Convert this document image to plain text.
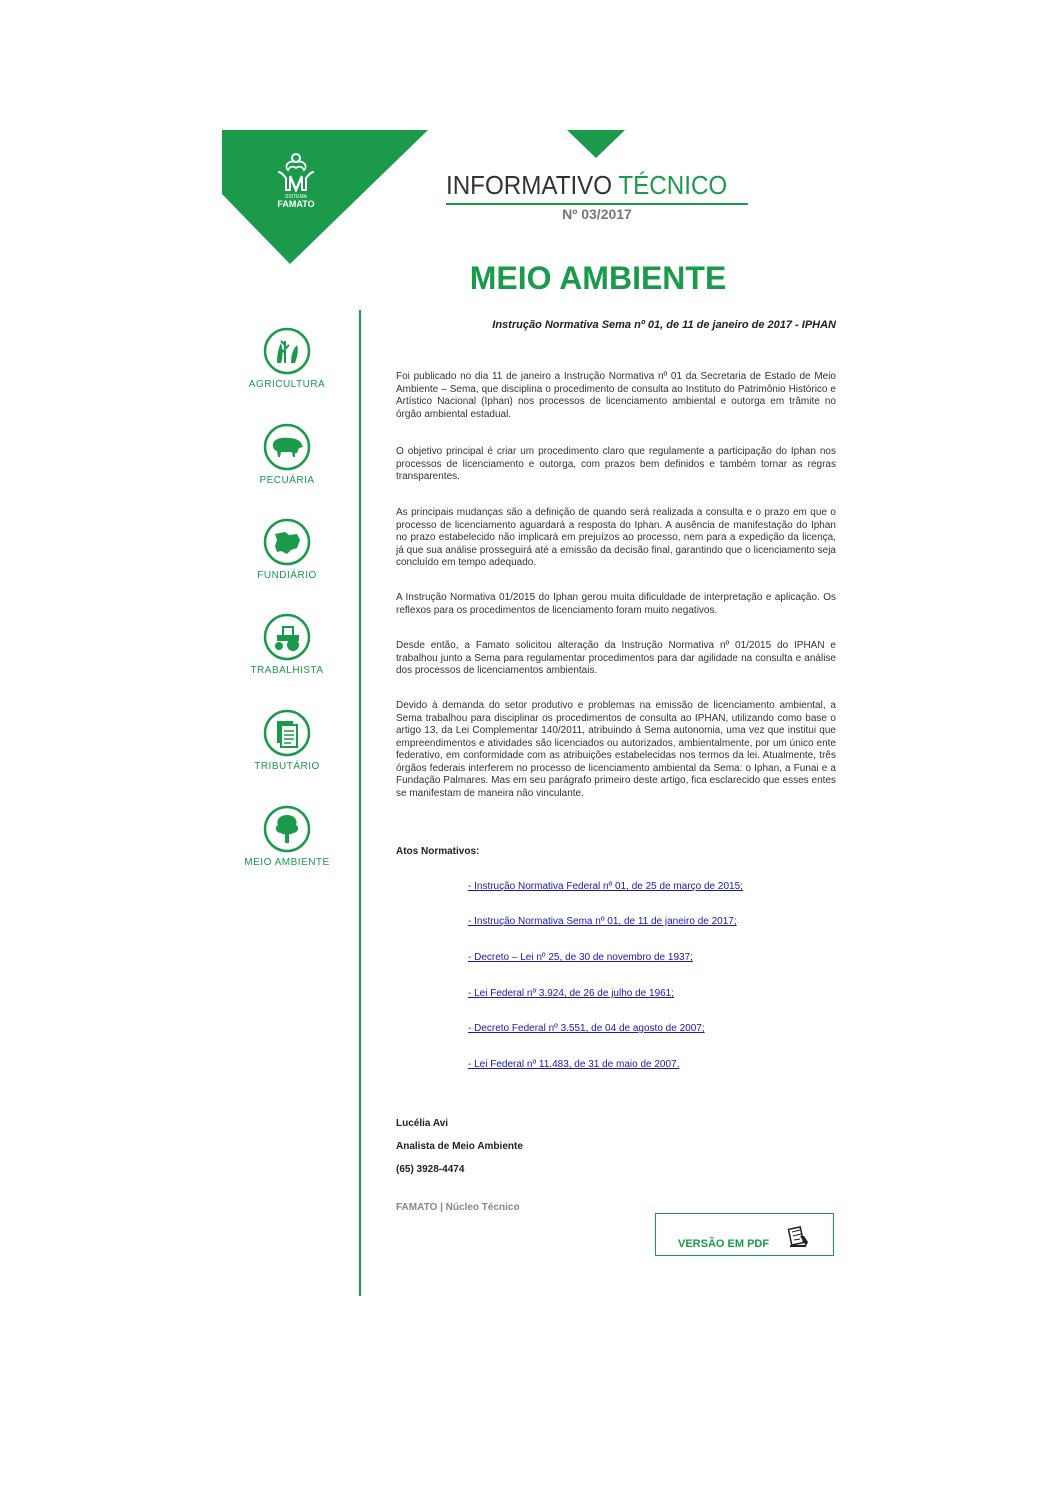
SISTEMA
FAMATO
INFORMATIVO TÉCNICO
Nº 03/2017
MEIO AMBIENTE
AGRICULTURA
PECUÁRIA
FUNDIÁRIO
TRABALHISTA
TRIBUTÁRIO
MEIO AMBIENTE
Instrução Normativa Sema nº 01, de 11 de janeiro de 2017 - IPHAN
Foi publicado no dia 11 de janeiro a Instrução Normativa nº 01 da Secretaria de Estado de Meio Ambiente – Sema, que disciplina o procedimento de consulta ao Instituto do Patrimônio Histórico e Artístico Nacional (Iphan) nos processos de licenciamento ambiental e outorga em trâmite no órgão ambiental estadual.
O objetivo principal é criar um procedimento claro que regulamente a participação do Iphan nos processos de licenciamento e outorga, com prazos bem definidos e também tornar as regras transparentes.
As principais mudanças são a definição de quando será realizada a consulta e o prazo em que o processo de licenciamento aguardará a resposta do Iphan. A ausência de manifestação do Iphan no prazo estabelecido não implicará em prejuízos ao processo, nem para a expedição da licença, já que sua análise prosseguirá até a emissão da decisão final, garantindo que o licenciamento seja concluído em tempo adequado.
A Instrução Normativa 01/2015 do Iphan gerou muita dificuldade de interpretação e aplicação. Os reflexos para os procedimentos de licenciamento foram muito negativos.
Desde então, a Famato solicitou alteração da Instrução Normativa nº 01/2015 do IPHAN e trabalhou junto a Sema para regulamentar procedimentos para dar agilidade na consulta e análise dos processos de licenciamentos ambientais.
Devido à demanda do setor produtivo e problemas na emissão de licenciamento ambiental, a Sema trabalhou para disciplinar os procedimentos de consulta ao IPHAN, utilizando como base o artigo 13, da Lei Complementar 140/2011, atribuindo à Sema autonomia, uma vez que institui que empreendimentos e atividades são licenciados ou autorizados, ambientalmente, por um único ente federativo, em conformidade com as atribuições estabelecidas nos termos da lei. Atualmente, três órgãos federais interferem no processo de licenciamento ambiental da Sema: o Iphan, a Funai e a Fundação Palmares. Mas em seu parágrafo primeiro deste artigo, fica esclarecido que esses entes se manifestam de maneira não vinculante.
Atos Normativos:
- Instrução Normativa Federal nº 01, de 25 de março de 2015;
- Instrução Normativa Sema nº 01, de 11 de janeiro de 2017;
- Decreto – Lei nº 25, de 30 de novembro de 1937;
- Lei Federal nº 3.924, de 26 de julho de 1961;
- Decreto Federal nº 3.551, de 04 de agosto de 2007;
- Lei Federal nº 11.483, de 31 de maio de 2007.
Lucélia Avi
Analista de Meio Ambiente
(65) 3928-4474
FAMATO | Núcleo Técnico
VERSÃO EM PDF
